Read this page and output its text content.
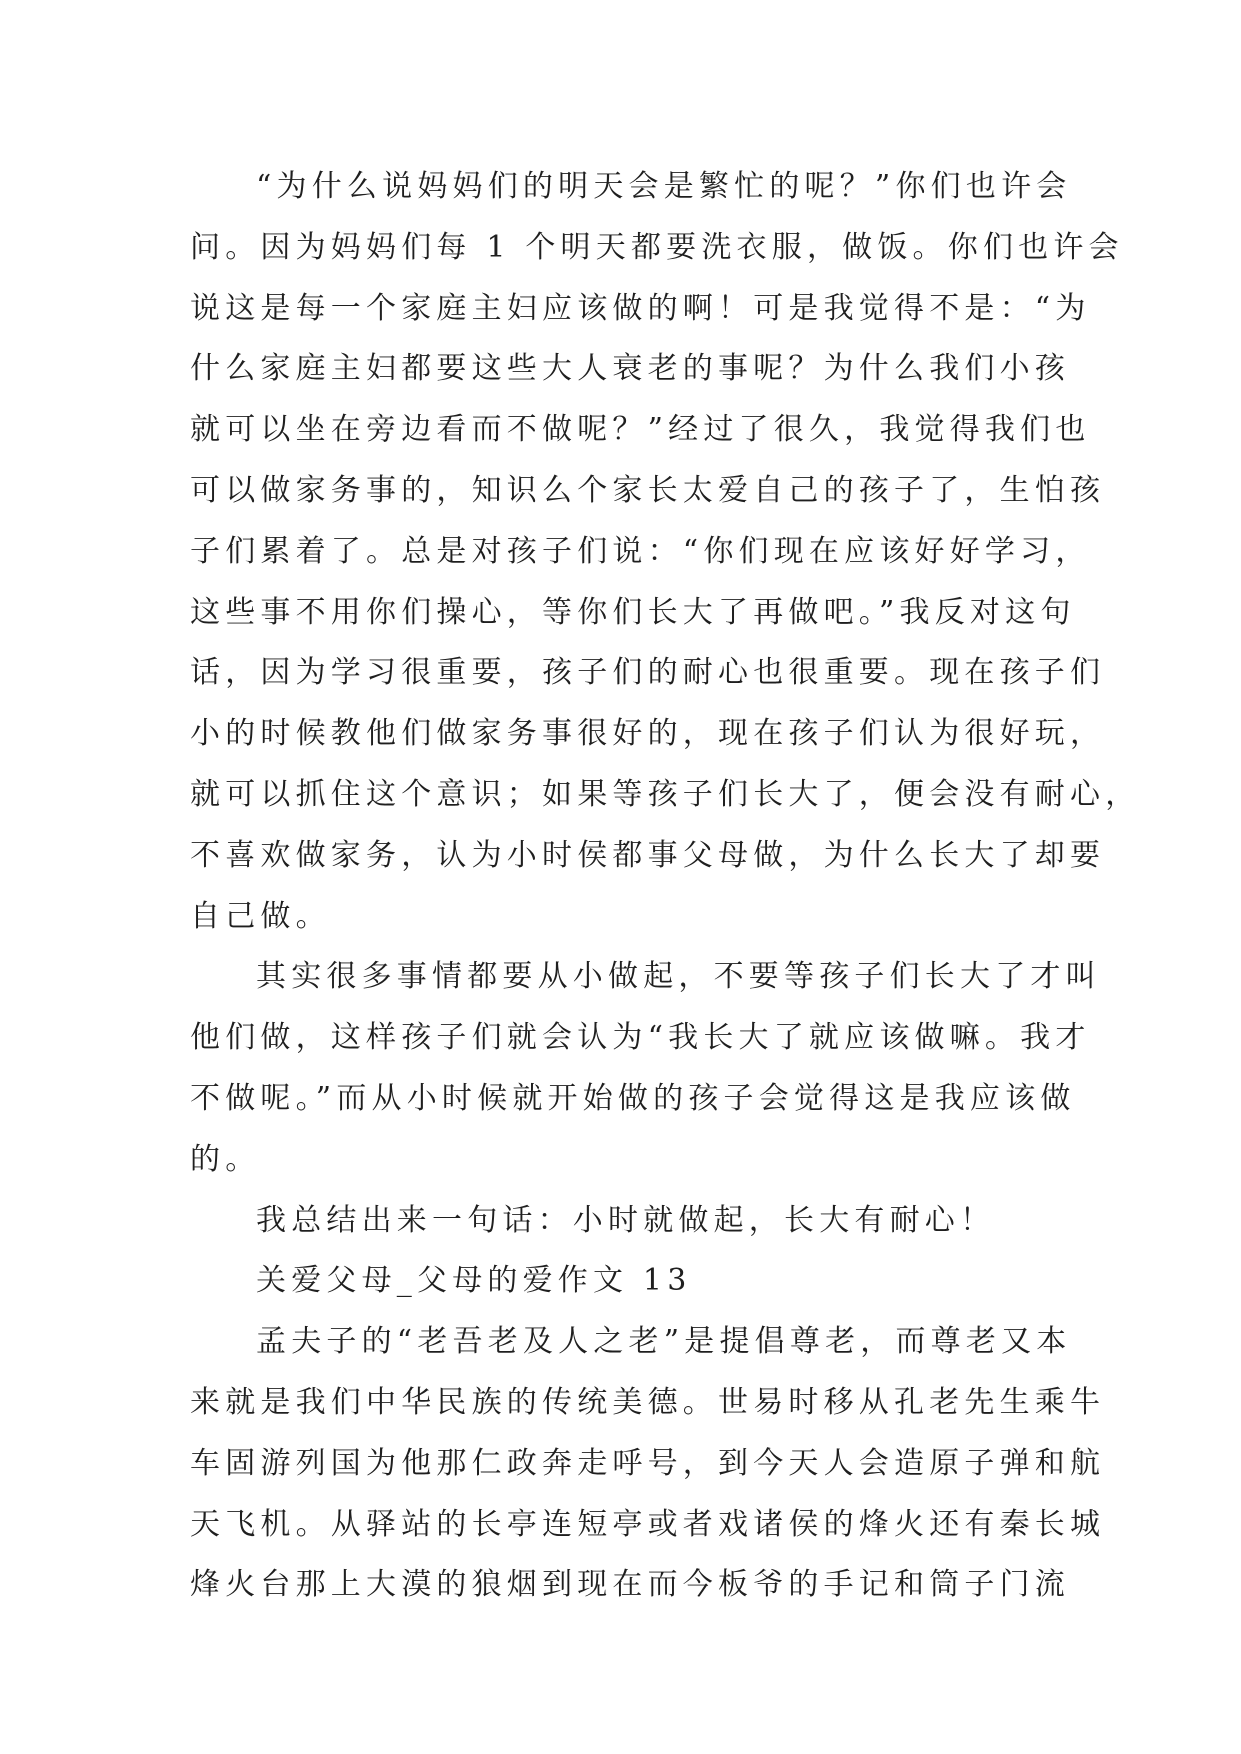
“为什么说妈妈们的明天会是繁忙的呢？”你们也许会
问。因为妈妈们每 1 个明天都要洗衣服，做饭。你们也许会
说这是每一个家庭主妇应该做的啊！可是我觉得不是：“为
什么家庭主妇都要这些大人衰老的事呢？为什么我们小孩
就可以坐在旁边看而不做呢？”经过了很久，我觉得我们也
可以做家务事的，知识么个家长太爱自己的孩子了，生怕孩
子们累着了。总是对孩子们说：“你们现在应该好好学习，
这些事不用你们操心，等你们长大了再做吧。”我反对这句
话，因为学习很重要，孩子们的耐心也很重要。现在孩子们
小的时候教他们做家务事很好的，现在孩子们认为很好玩，
就可以抓住这个意识；如果等孩子们长大了，便会没有耐心，
不喜欢做家务，认为小时侯都事父母做，为什么长大了却要
自己做。
其实很多事情都要从小做起，不要等孩子们长大了才叫
他们做，这样孩子们就会认为“我长大了就应该做嘛。我才
不做呢。”而从小时候就开始做的孩子会觉得这是我应该做
的。
我总结出来一句话：小时就做起，长大有耐心！
关爱父母_父母的爱作文 13
孟夫子的“老吾老及人之老”是提倡尊老，而尊老又本
来就是我们中华民族的传统美德。世易时移从孔老先生乘牛
车固游列国为他那仁政奔走呼号，到今天人会造原子弹和航
天飞机。从驿站的长亭连短亭或者戏诸侯的烽火还有秦长城
烽火台那上大漠的狼烟到现在而今板爷的手记和筒子门流
